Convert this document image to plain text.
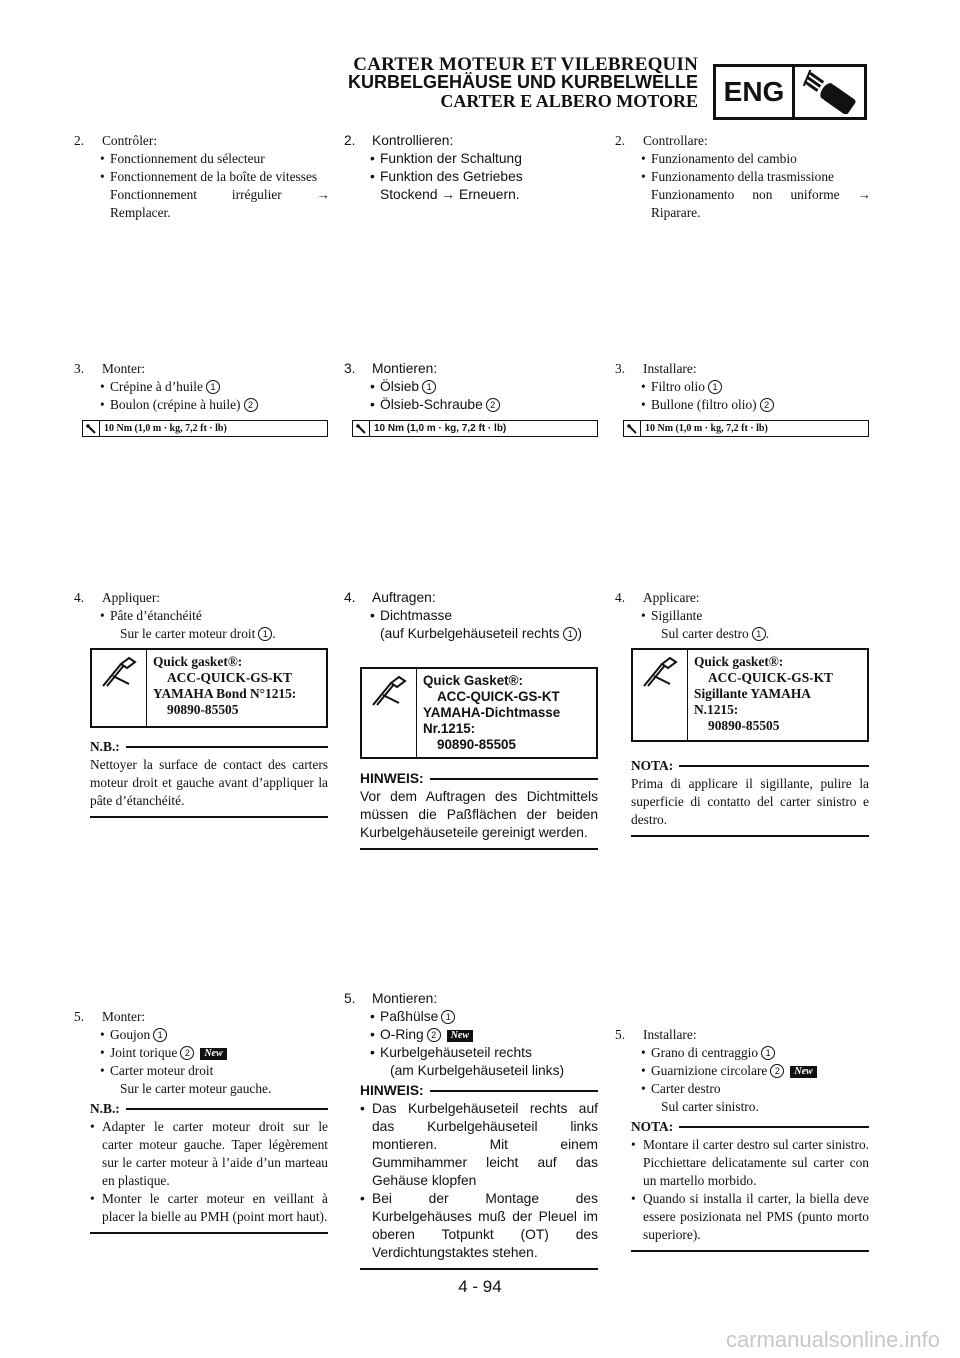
CARTER MOTEUR ET VILEBREQUIN
KURBELGEHÄUSE UND KURBELWELLE
CARTER E ALBERO MOTORE ENG
2.	Contrôler:
• Fonctionnement du sélecteur
• Fonctionnement de la boîte de vitesses
Fonctionnement irrégulier → Remplacer.
3.	Monter:
• Crépine à d’huile 1
• Boulon (crépine à huile) 2
10 Nm (1,0 m · kg, 7,2 ft · lb)
4.	Appliquer:
• Pâte d’étanchéité
Sur le carter moteur droit 1 .
Quick gasket®:
ACC-QUICK-GS-KT
YAMAHA Bond N°1215:
90890-85505
N.B.:
Nettoyer la surface de contact des carters moteur droit et gauche avant d’appliquer la pâte d’étanchéité.
5.	Monter:
• Goujon 1
• Joint torique 2 New
• Carter moteur droit
Sur le carter moteur gauche.
N.B.:
• Adapter le carter moteur droit sur le carter moteur gauche. Taper légèrement sur le carter moteur à l’aide d’un marteau en plastique.
• Monter le carter moteur en veillant à placer la bielle au PMH (point mort haut).
2.	Kontrollieren:
• Funktion der Schaltung
• Funktion des Getriebes
Stockend → Erneuern.
3.	Montieren:
• Ölsieb 1
• Ölsieb-Schraube 2
10 Nm (1,0 m · kg, 7,2 ft · lb)
4.	Auftragen:
• Dichtmasse
(auf Kurbelgehäuseteil rechts 1 )
Quick Gasket®:
ACC-QUICK-GS-KT
YAMAHA-Dichtmasse
Nr.1215:
90890-85505
HINWEIS:
Vor dem Auftragen des Dichtmittels müssen die Paßflächen der beiden Kurbelgehäuseteile gereinigt werden.
5.	Montieren:
• Paßhülse 1
• O-Ring 2 New
• Kurbelgehäuseteil rechts
(am Kurbelgehäuseteil links)
HINWEIS:
• Das Kurbelgehäuseteil rechts auf das Kurbelgehäuseteil links montieren. Mit einem Gummihammer leicht auf das Gehäuse klopfen
• Bei der Montage des Kurbelgehäuses muß der Pleuel im oberen Totpunkt (OT) des Verdichtungstaktes stehen.
2.	Controllare:
• Funzionamento del cambio
• Funzionamento della trasmissione
Funzionamento non uniforme → Riparare.
3.	Installare:
• Filtro olio 1
• Bullone (filtro olio) 2
10 Nm (1,0 m · kg, 7,2 ft · lb)
4.	Applicare:
• Sigillante
Sul carter destro 1 .
Quick gasket®:
ACC-QUICK-GS-KT
Sigillante YAMAHA
N.1215:
90890-85505
NOTA:
Prima di applicare il sigillante, pulire la superficie di contatto del carter sinistro e destro.
5.	Installare:
• Grano di centraggio 1
• Guarnizione circolare 2 New
• Carter destro
Sul carter sinistro.
NOTA:
• Montare il carter destro sul carter sinistro. Picchiettare delicatamente sul carter con un martello morbido.
• Quando si installa il carter, la biella deve essere posizionata nel PMS (punto morto superiore).
4 - 94
carmanualsonline.info
